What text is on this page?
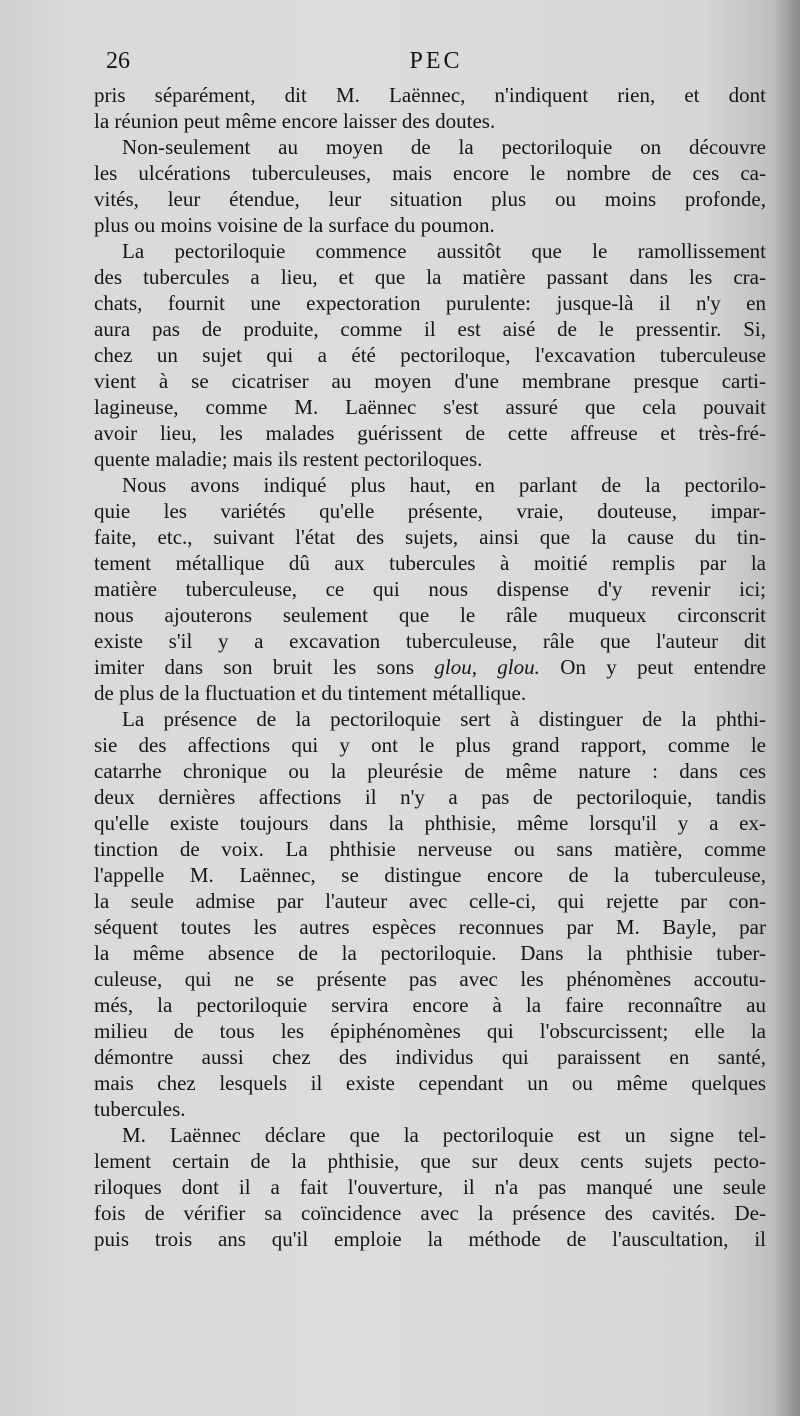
26	PEC
pris séparément, dit M. Laënnec, n'indiquent rien, et dont
la réunion peut même encore laisser des doutes.
Non-seulement au moyen de la pectoriloquie on découvre
les ulcérations tuberculeuses, mais encore le nombre de ces ca-
vités, leur étendue, leur situation plus ou moins profonde,
plus ou moins voisine de la surface du poumon.
La pectoriloquie commence aussitôt que le ramollissement
des tubercules a lieu, et que la matière passant dans les cra-
chats, fournit une expectoration purulente: jusque-là il n'y en
aura pas de produite, comme il est aisé de le pressentir. Si,
chez un sujet qui a été pectoriloque, l'excavation tuberculeuse
vient à se cicatriser au moyen d'une membrane presque carti-
lagineuse, comme M. Laënnec s'est assuré que cela pouvait
avoir lieu, les malades guérissent de cette affreuse et très-fré-
quente maladie; mais ils restent pectoriloques.
Nous avons indiqué plus haut, en parlant de la pectorilo-
quie les variétés qu'elle présente, vraie, douteuse, impar-
faite, etc., suivant l'état des sujets, ainsi que la cause du tin-
tement métallique dû aux tubercules à moitié remplis par la
matière tuberculeuse, ce qui nous dispense d'y revenir ici;
nous ajouterons seulement que le râle muqueux circonscrit
existe s'il y a excavation tuberculeuse, râle que l'auteur dit
imiter dans son bruit les sons glou, glou. On y peut entendre
de plus de la fluctuation et du tintement métallique.
La présence de la pectoriloquie sert à distinguer de la phthi-
sie des affections qui y ont le plus grand rapport, comme le
catarrhe chronique ou la pleurésie de même nature : dans ces
deux dernières affections il n'y a pas de pectoriloquie, tandis
qu'elle existe toujours dans la phthisie, même lorsqu'il y a ex-
tinction de voix. La phthisie nerveuse ou sans matière, comme
l'appelle M. Laënnec, se distingue encore de la tuberculeuse,
la seule admise par l'auteur avec celle-ci, qui rejette par con-
séquent toutes les autres espèces reconnues par M. Bayle, par
la même absence de la pectoriloquie. Dans la phthisie tuber-
culeuse, qui ne se présente pas avec les phénomènes accoutu-
més, la pectoriloquie servira encore à la faire reconnaître au
milieu de tous les épiphénomènes qui l'obscurcissent; elle la
démontre aussi chez des individus qui paraissent en santé,
mais chez lesquels il existe cependant un ou même quelques
tubercules.
M. Laënnec déclare que la pectoriloquie est un signe tel-
lement certain de la phthisie, que sur deux cents sujets pecto-
riloques dont il a fait l'ouverture, il n'a pas manqué une seule
fois de vérifier sa coïncidence avec la présence des cavités. De-
puis trois ans qu'il emploie la méthode de l'auscultation, il
